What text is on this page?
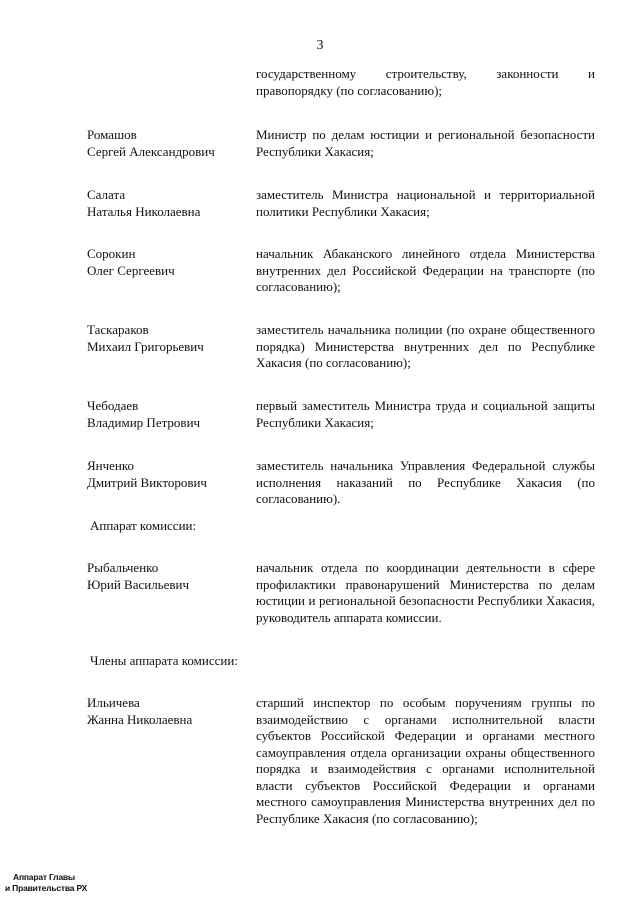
3
государственному строительству, законности и правопорядку (по согласованию);
Ромашов
Сергей Александрович
Министр по делам юстиции и региональной безопасности Республики Хакасия;
Салата
Наталья Николаевна
заместитель Министра национальной и территориальной политики Республики Хакасия;
Сорокин
Олег Сергеевич
начальник Абаканского линейного отдела Министерства внутренних дел Российской Федерации на транспорте (по согласованию);
Таскараков
Михаил Григорьевич
заместитель начальника полиции (по охране общественного порядка) Министерства внутренних дел по Республике Хакасия (по согласованию);
Чебодаев
Владимир Петрович
первый заместитель Министра труда и социальной защиты Республики Хакасия;
Янченко
Дмитрий Викторович
заместитель начальника Управления Федеральной службы исполнения наказаний по Республике Хакасия (по согласованию).
Аппарат комиссии:
Рыбальченко
Юрий Васильевич
начальник отдела по координации деятельности в сфере профилактики правонарушений Министерства по делам юстиции и региональной безопасности Республики Хакасия, руководитель аппарата комиссии.
Члены аппарата комиссии:
Ильичева
Жанна Николаевна
старший инспектор по особым поручениям группы по взаимодействию с органами исполнительной власти субъектов Российской Федерации и органами местного самоуправления отдела организации охраны общественного порядка и взаимодействия с органами исполнительной власти субъектов Российской Федерации и органами местного самоуправления Министерства внутренних дел по Республике Хакасия (по согласованию);
Аппарат Главы
и Правительства РХ
